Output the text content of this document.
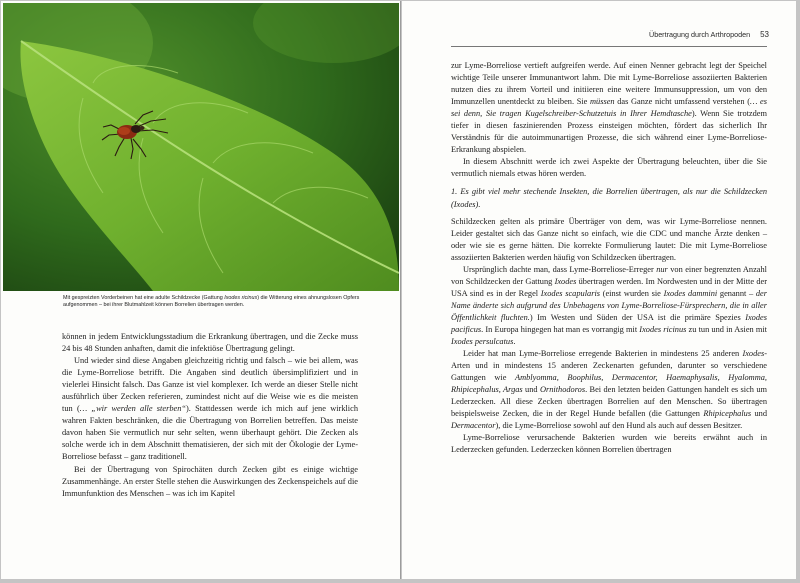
Mit gespreizten Vorderbeinen hat eine adulte Schildzecke (Gattung Ixodes ricinus) die Witterung eines ahnungslosen Opfers aufgenommen – bei ihrer Blutmahlzeit können Borrelien übertragen werden.

können in jedem Entwicklungsstadium die Erkrankung übertragen, und die Zecke muss 24 bis 48 Stunden anhaften, damit die infektiöse Übertragung gelingt.

Und wieder sind diese Angaben gleichzeitig richtig und falsch – wie bei allem, was die Lyme-Borreliose betrifft. Die Angaben sind deutlich übersimplifiziert und in vielerlei Hinsicht falsch. Das Ganze ist viel komplexer. Ich werde an dieser Stelle nicht ausführlich über Zecken referieren, zumindest nicht auf die Weise wie es die meisten tun (… „wir werden alle sterben“). Stattdessen werde ich mich auf jene wirklich wahren Fakten beschränken, die die Übertragung von Borrelien betreffen. Das meiste davon haben Sie vermutlich nur sehr selten, wenn überhaupt gehört. Die Zecken als solche werde ich in dem Abschnitt thematisieren, der sich mit der Ökologie der Lyme-Borreliose befasst – ganz traditionell.

Bei der Übertragung von Spirochäten durch Zecken gibt es einige wichtige Zusammenhänge. An erster Stelle stehen die Auswirkungen des Zeckenspeichels auf die Immunfunktion des Menschen – was ich im Kapitel

Übertragung durch Arthropoden 53

zur Lyme-Borreliose vertieft aufgreifen werde. Auf einen Nenner gebracht legt der Speichel wichtige Teile unserer Immunantwort lahm. Die mit Lyme-Borreliose assoziierten Bakterien nutzen dies zu ihrem Vorteil und initiieren eine weitere Immunsuppression, um von den Immunzellen unentdeckt zu bleiben. Sie müssen das Ganze nicht umfassend verstehen (… es sei denn, Sie tragen Kugelschreiber-Schutzetuis in Ihrer Hemdtasche). Wenn Sie trotzdem tiefer in diesen faszinierenden Prozess einsteigen möchten, fördert das sicherlich Ihr Verständnis für die autoimmunartigen Prozesse, die sich während einer Lyme-Borreliose-Erkrankung abspielen.

In diesem Abschnitt werde ich zwei Aspekte der Übertragung beleuchten, über die Sie vermutlich niemals etwas hören werden.

1. Es gibt viel mehr stechende Insekten, die Borrelien übertragen, als nur die Schildzecken (Ixodes).

Schildzecken gelten als primäre Überträger von dem, was wir Lyme-Borreliose nennen. Leider gestaltet sich das Ganze nicht so einfach, wie die CDC und manche Ärzte denken – oder wie sie es gerne hätten. Die korrekte Formulierung lautet: Die mit Lyme-Borreliose assoziierten Bakterien werden häufig von Schildzecken übertragen.

Ursprünglich dachte man, dass Lyme-Borreliose-Erreger nur von einer begrenzten Anzahl von Schildzecken der Gattung Ixodes übertragen werden. Im Nordwesten und in der Mitte der USA sind es in der Regel Ixodes scapularis (einst wurden sie Ixodes dammini genannt – der Name änderte sich aufgrund des Unbehagens von Lyme-Borreliose-Fürsprechern, die in aller Öffentlichkeit fluchten.) Im Westen und Süden der USA ist die primäre Spezies Ixodes pacificus. In Europa hingegen hat man es vorrangig mit Ixodes ricinus zu tun und in Asien mit Ixodes persulcatus.

Leider hat man Lyme-Borreliose erregende Bakterien in mindestens 25 anderen Ixodes-Arten und in mindestens 15 anderen Zeckenarten gefunden, darunter so verschiedene Gattungen wie Amblyomma, Boophilus, Dermacentor, Haemaphysalis, Hyalomma, Rhipicephalus, Argas und Ornithodoros. Bei den letzten beiden Gattungen handelt es sich um Lederzecken. All diese Zecken übertragen Borrelien auf den Menschen. So übertragen beispielsweise Zecken, die in der Regel Hunde befallen (die Gattungen Rhipicephalus und Dermacentor), die Lyme-Borreliose sowohl auf den Hund als auch auf dessen Besitzer.

Lyme-Borreliose verursachende Bakterien wurden wie bereits erwähnt auch in Lederzecken gefunden. Lederzecken können Borrelien übertragen
